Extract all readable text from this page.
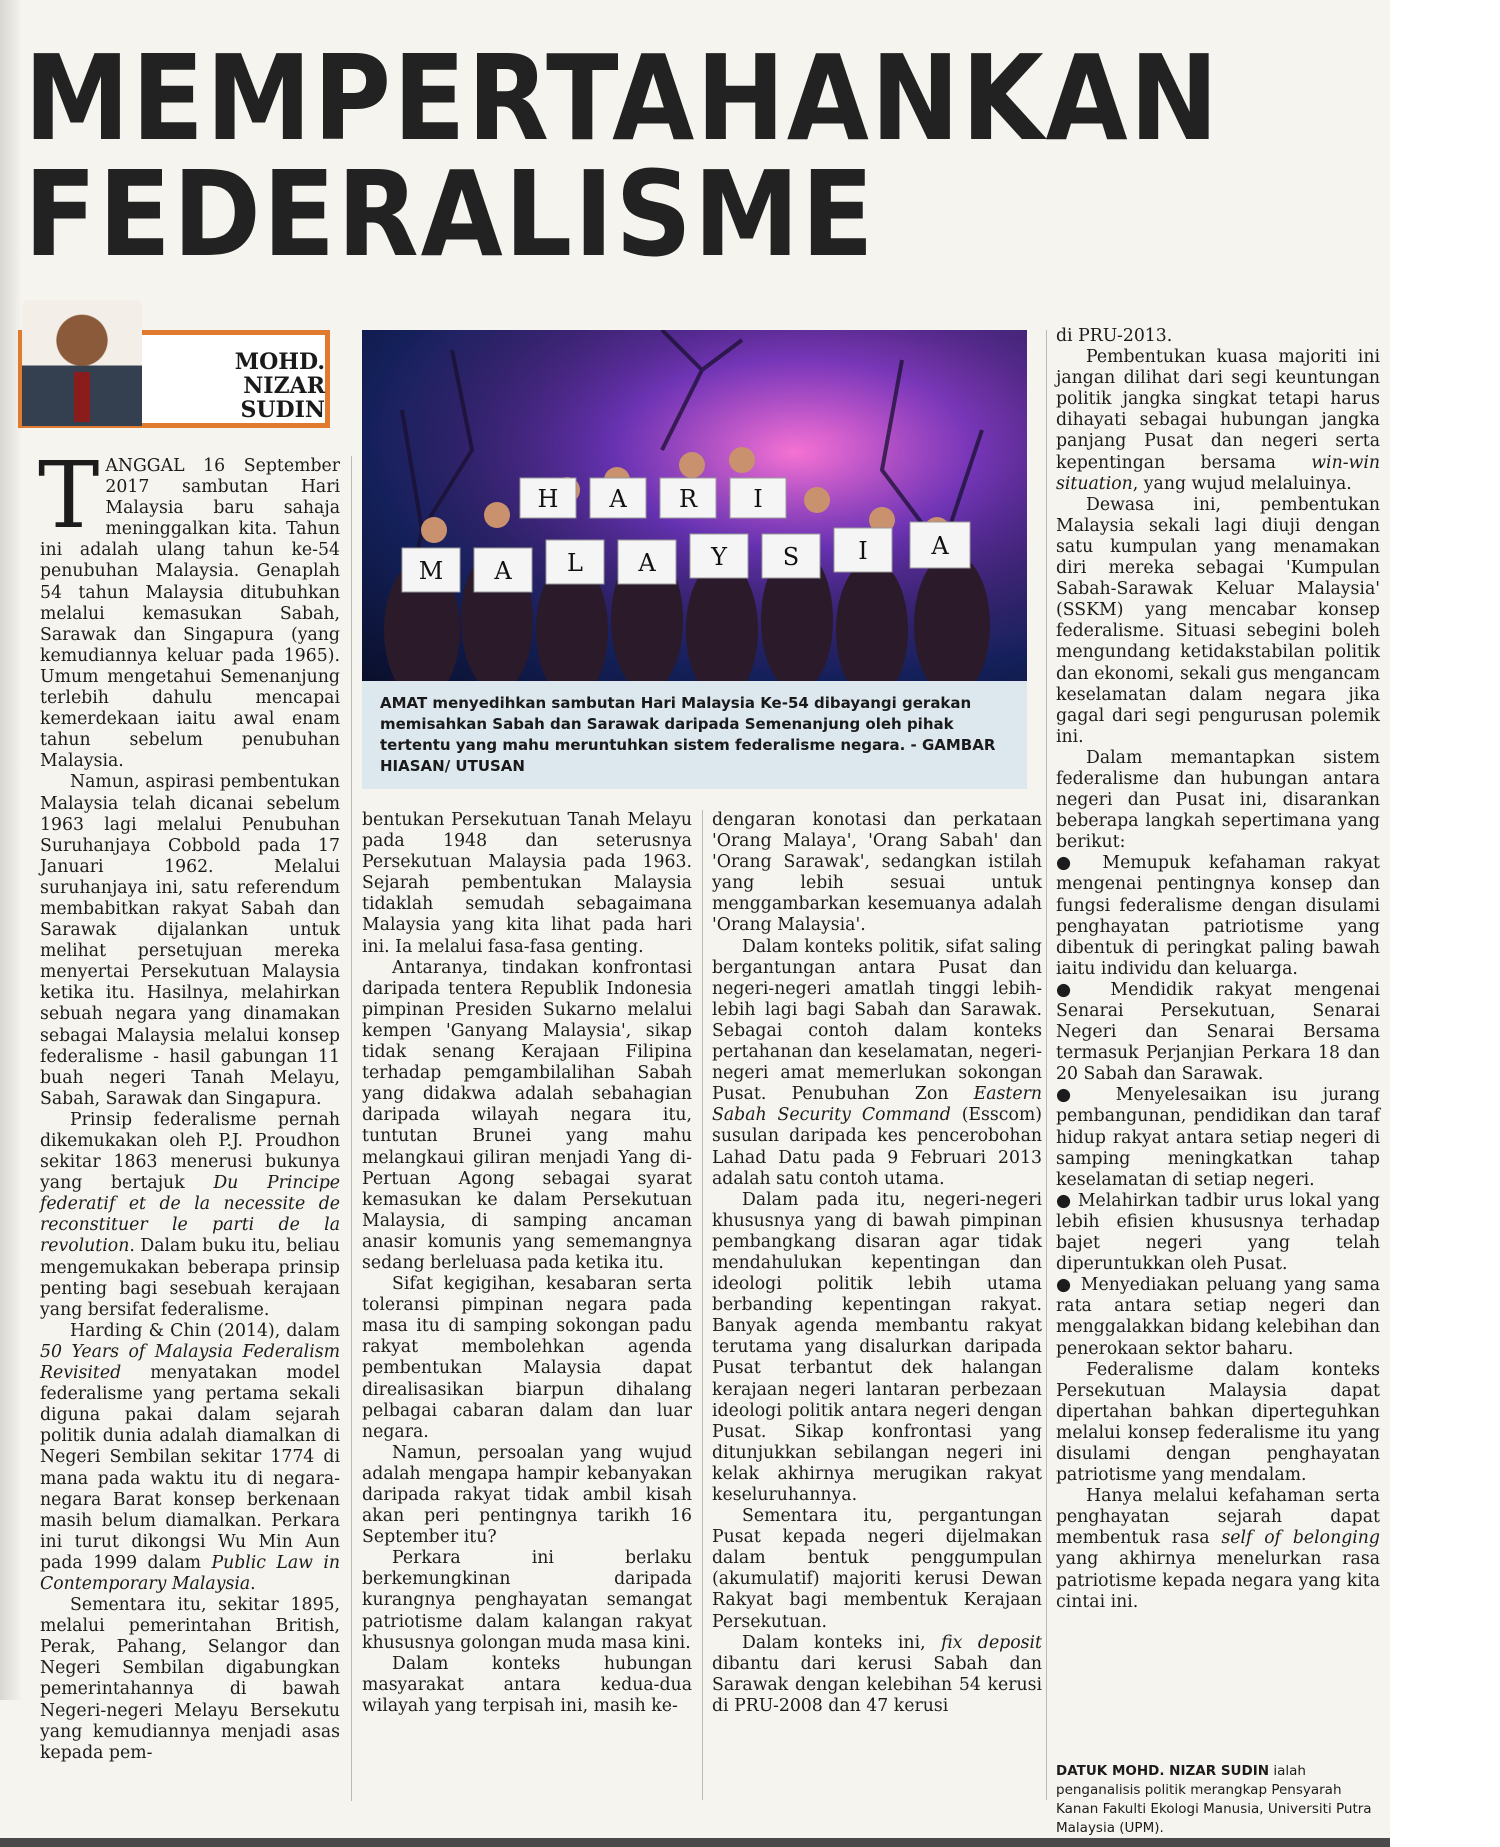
MEMPERTAHANKAN
FEDERALISME

MOHD.
NIZAR SUDIN

H A R I
M A L A Y S I	A

AMAT menyedihkan sambutan Hari Malaysia Ke-54 dibayangi gerakan memisahkan Sabah dan Sarawak daripada Semenanjung oleh pihak tertentu yang mahu meruntuhkan sistem federalisme negara. - GAMBAR HIASAN/ UTUSAN

TANGGAL 16 September 2017 sambutan Hari Malaysia baru sahaja meninggalkan kita. Tahun ini adalah ulang tahun ke-54 penubuhan Malaysia. Genaplah 54 tahun Malaysia ditubuhkan melalui kemasukan Sabah, Sarawak dan Singapura (yang kemudiannya keluar pada 1965). Umum mengetahui Semenanjung terlebih dahulu mencapai kemerdekaan iaitu awal enam tahun sebelum penubuhan Malaysia.

Namun, aspirasi pembentukan Malaysia telah dicanai sebelum 1963 lagi melalui Penubuhan Suruhanjaya Cobbold pada 17 Januari 1962. Melalui suruhanjaya ini, satu referendum membabitkan rakyat Sabah dan Sarawak dijalankan untuk melihat persetujuan mereka menyertai Persekutuan Malaysia ketika itu. Hasilnya, melahirkan sebuah negara yang dinamakan sebagai Malaysia melalui konsep federalisme - hasil gabungan 11 buah negeri Tanah Melayu, Sabah, Sarawak dan Singapura.

Prinsip federalisme pernah dikemukakan oleh P.J. Proudhon sekitar 1863 menerusi bukunya yang bertajuk Du Principe federatif et de la necessite de reconstituer le parti de la revolution. Dalam buku itu, beliau mengemukakan beberapa prinsip penting bagi sesebuah kerajaan yang bersifat federalisme.

Harding & Chin (2014), dalam 50 Years of Malaysia Federalism Revisited menyatakan model federalisme yang pertama sekali diguna pakai dalam sejarah politik dunia adalah diamalkan di Negeri Sembilan sekitar 1774 di mana pada waktu itu di negara-negara Barat konsep berkenaan masih belum diamalkan. Perkara ini turut dikongsi Wu Min Aun pada 1999 dalam Public Law in Contemporary Malaysia.

Sementara itu, sekitar 1895, melalui pemerintahan British, Perak, Pahang, Selangor dan Negeri Sembilan digabungkan pemerintahannya di bawah Negeri-negeri Melayu Bersekutu yang kemudiannya menjadi asas kepada pem-

bentukan Persekutuan Tanah Melayu pada 1948 dan seterusnya Persekutuan Malaysia pada 1963. Sejarah pembentukan Malaysia tidaklah semudah sebagaimana Malaysia yang kita lihat pada hari ini. Ia melalui fasa-fasa genting.

Antaranya, tindakan konfrontasi daripada tentera Republik Indonesia pimpinan Presiden Sukarno melalui kempen 'Ganyang Malaysia', sikap tidak senang Kerajaan Filipina terhadap pemgambilalihan Sabah yang didakwa adalah sebahagian daripada wilayah negara itu, tuntutan Brunei yang mahu melangkaui giliran menjadi Yang di-Pertuan Agong sebagai syarat kemasukan ke dalam Persekutuan Malaysia, di samping ancaman anasir komunis yang sememangnya sedang berleluasa pada ketika itu.

Sifat kegigihan, kesabaran serta toleransi pimpinan negara pada masa itu di samping sokongan padu rakyat membolehkan agenda pembentukan Malaysia dapat direalisasikan biarpun dihalang pelbagai cabaran dalam dan luar negara.

Namun, persoalan yang wujud adalah mengapa hampir kebanyakan daripada rakyat tidak ambil kisah akan peri pentingnya tarikh 16 September itu?

Perkara ini berlaku berkemungkinan daripada kurangnya penghayatan semangat patriotisme dalam kalangan rakyat khususnya golongan muda masa kini.

Dalam konteks hubungan masyarakat antara kedua-dua wilayah yang terpisah ini, masih ke-

dengaran konotasi dan perkataan 'Orang Malaya', 'Orang Sabah' dan 'Orang Sarawak', sedangkan istilah yang lebih sesuai untuk menggambarkan kesemuanya adalah 'Orang Malaysia'.

Dalam konteks politik, sifat saling bergantungan antara Pusat dan negeri-negeri amatlah tinggi lebih-lebih lagi bagi Sabah dan Sarawak. Sebagai contoh dalam konteks pertahanan dan keselamatan, negeri-negeri amat memerlukan sokongan Pusat. Penubuhan Zon Eastern Sabah Security Command (Esscom) susulan daripada kes pencerobohan Lahad Datu pada 9 Februari 2013 adalah satu contoh utama.

Dalam pada itu, negeri-negeri khususnya yang di bawah pimpinan pembangkang disaran agar tidak mendahulukan kepentingan dan ideologi politik lebih utama berbanding kepentingan rakyat. Banyak agenda membantu rakyat terutama yang disalurkan daripada Pusat terbantut dek halangan kerajaan negeri lantaran perbezaan ideologi politik antara negeri dengan Pusat. Sikap konfrontasi yang ditunjukkan sebilangan negeri ini kelak akhirnya merugikan rakyat keseluruhannya.

Sementara itu, pergantungan Pusat kepada negeri dijelmakan dalam bentuk penggumpulan (akumulatif) majoriti kerusi Dewan Rakyat bagi membentuk Kerajaan Persekutuan.

Dalam konteks ini, fix deposit dibantu dari kerusi Sabah dan Sarawak dengan kelebihan 54 kerusi di PRU-2008 dan 47 kerusi

di PRU-2013.

Pembentukan kuasa majoriti ini jangan dilihat dari segi keuntungan politik jangka singkat tetapi harus dihayati sebagai hubungan jangka panjang Pusat dan negeri serta kepentingan bersama win-win situation, yang wujud melaluinya.

Dewasa ini, pembentukan Malaysia sekali lagi diuji dengan satu kumpulan yang menamakan diri mereka sebagai 'Kumpulan Sabah-Sarawak Keluar Malaysia' (SSKM) yang mencabar konsep federalisme. Situasi sebegini boleh mengundang ketidakstabilan politik dan ekonomi, sekali gus mengancam keselamatan dalam negara jika gagal dari segi pengurusan polemik ini.

Dalam memantapkan sistem federalisme dan hubungan antara negeri dan Pusat ini, disarankan beberapa langkah sepertimana yang berikut:

● Memupuk kefahaman rakyat mengenai pentingnya konsep dan fungsi federalisme dengan disulami penghayatan patriotisme yang dibentuk di peringkat paling bawah iaitu individu dan keluarga.

● Mendidik rakyat mengenai Senarai Persekutuan, Senarai Negeri dan Senarai Bersama termasuk Perjanjian Perkara 18 dan 20 Sabah dan Sarawak.

● Menyelesaikan isu jurang pembangunan, pendidikan dan taraf hidup rakyat antara setiap negeri di samping meningkatkan tahap keselamatan di setiap negeri.

● Melahirkan tadbir urus lokal yang lebih efisien khususnya terhadap bajet negeri yang telah diperuntukkan oleh Pusat.

● Menyediakan peluang yang sama rata antara setiap negeri dan menggalakkan bidang kelebihan dan penerokaan sektor baharu.

Federalisme dalam konteks Persekutuan Malaysia dapat dipertahan bahkan diperteguhkan melalui konsep federalisme itu yang disulami dengan penghayatan patriotisme yang mendalam.

Hanya melalui kefahaman serta penghayatan sejarah dapat membentuk rasa self of belonging yang akhirnya menelurkan rasa patriotisme kepada negara yang kita cintai ini.

DATUK MOHD. NIZAR SUDIN ialah penganalisis politik merangkap Pensyarah Kanan Fakulti Ekologi Manusia, Universiti Putra Malaysia (UPM).
